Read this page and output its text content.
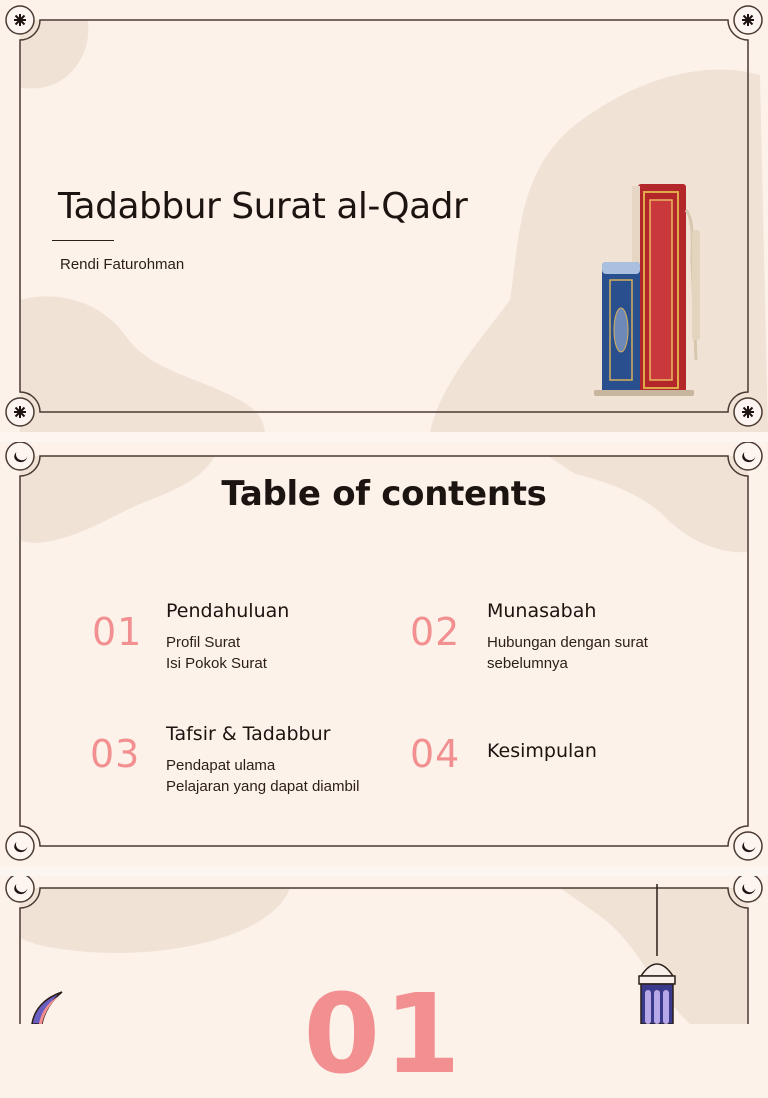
Tadabbur Surat al-Qadr
Rendi Faturohman
Table of contents
01 Pendahuluan
Profil Surat
Isi Pokok Surat
02 Munasabah
Hubungan dengan surat
sebelumnya
03 Tafsir & Tadabbur
Pendapat ulama
Pelajaran yang dapat diambil
04 Kesimpulan
01
